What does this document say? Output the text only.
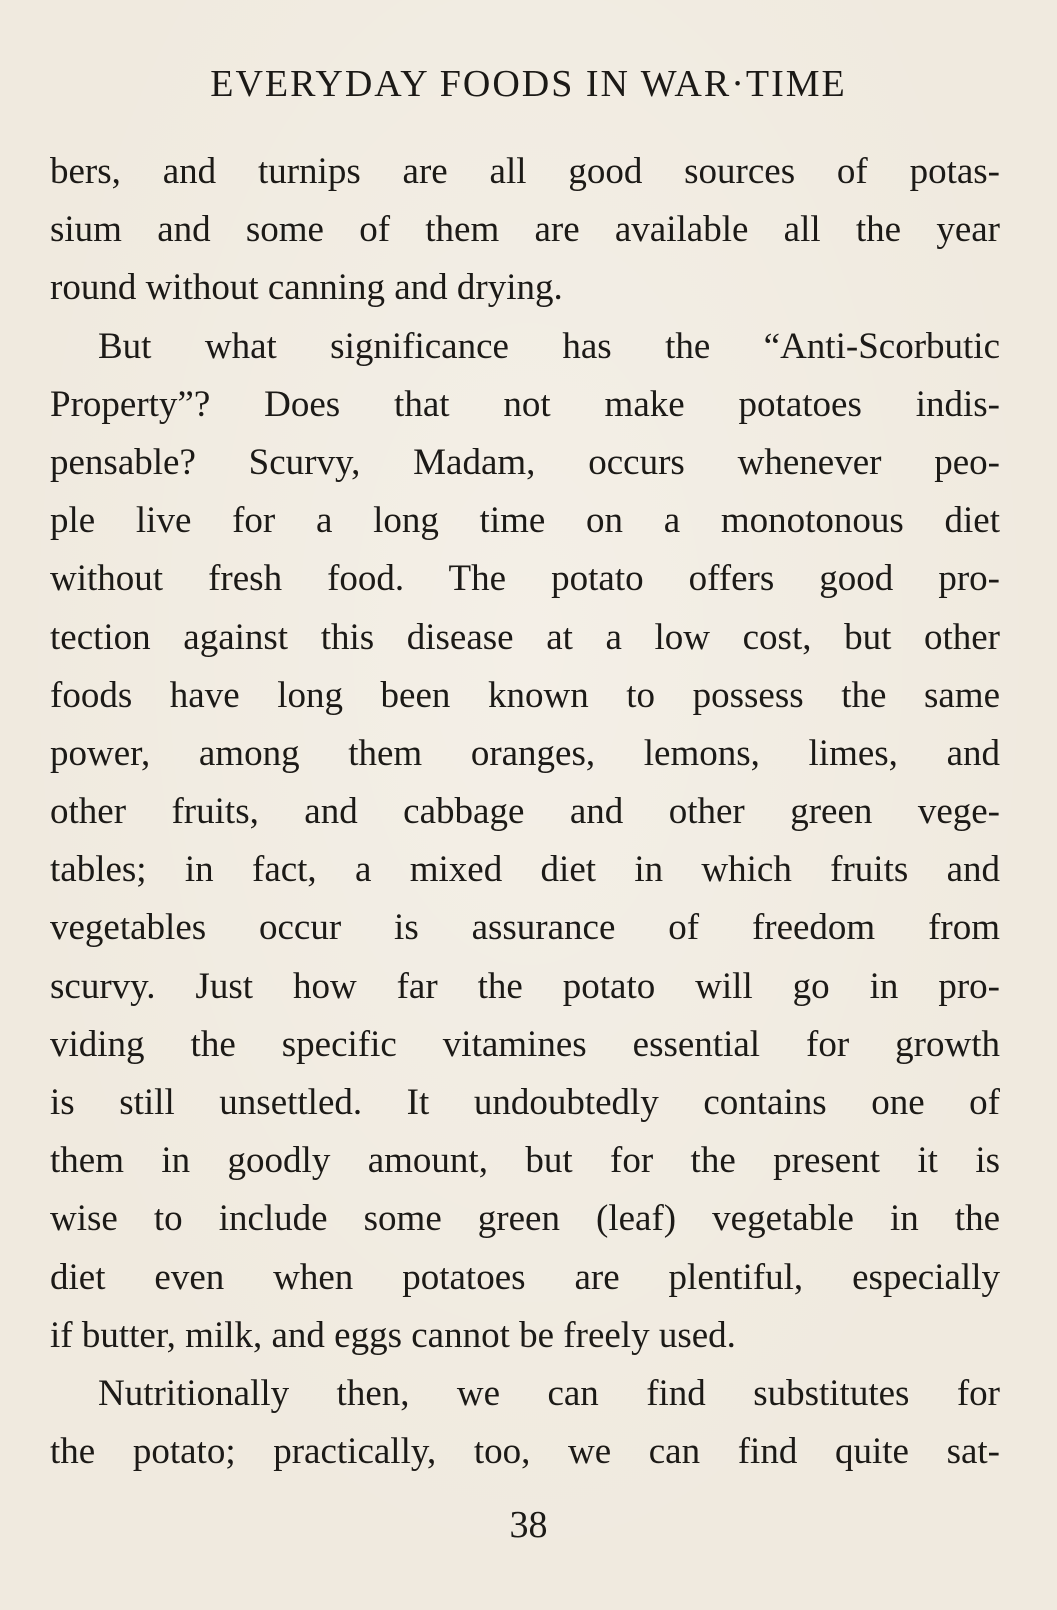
EVERYDAY FOODS IN WAR·TIME
bers, and turnips are all good sources of potas-
sium and some of them are available all the year
round without canning and drying.
But what significance has the “Anti-Scorbutic
Property”? Does that not make potatoes indis-
pensable? Scurvy, Madam, occurs whenever peo-
ple live for a long time on a monotonous diet
without fresh food. The potato offers good pro-
tection against this disease at a low cost, but other
foods have long been known to possess the same
power, among them oranges, lemons, limes, and
other fruits, and cabbage and other green vege-
tables; in fact, a mixed diet in which fruits and
vegetables occur is assurance of freedom from
scurvy. Just how far the potato will go in pro-
viding the specific vitamines essential for growth
is still unsettled. It undoubtedly contains one of
them in goodly amount, but for the present it is
wise to include some green (leaf) vegetable in the
diet even when potatoes are plentiful, especially
if butter, milk, and eggs cannot be freely used.
Nutritionally then, we can find substitutes for
the potato; practically, too, we can find quite sat-
38
